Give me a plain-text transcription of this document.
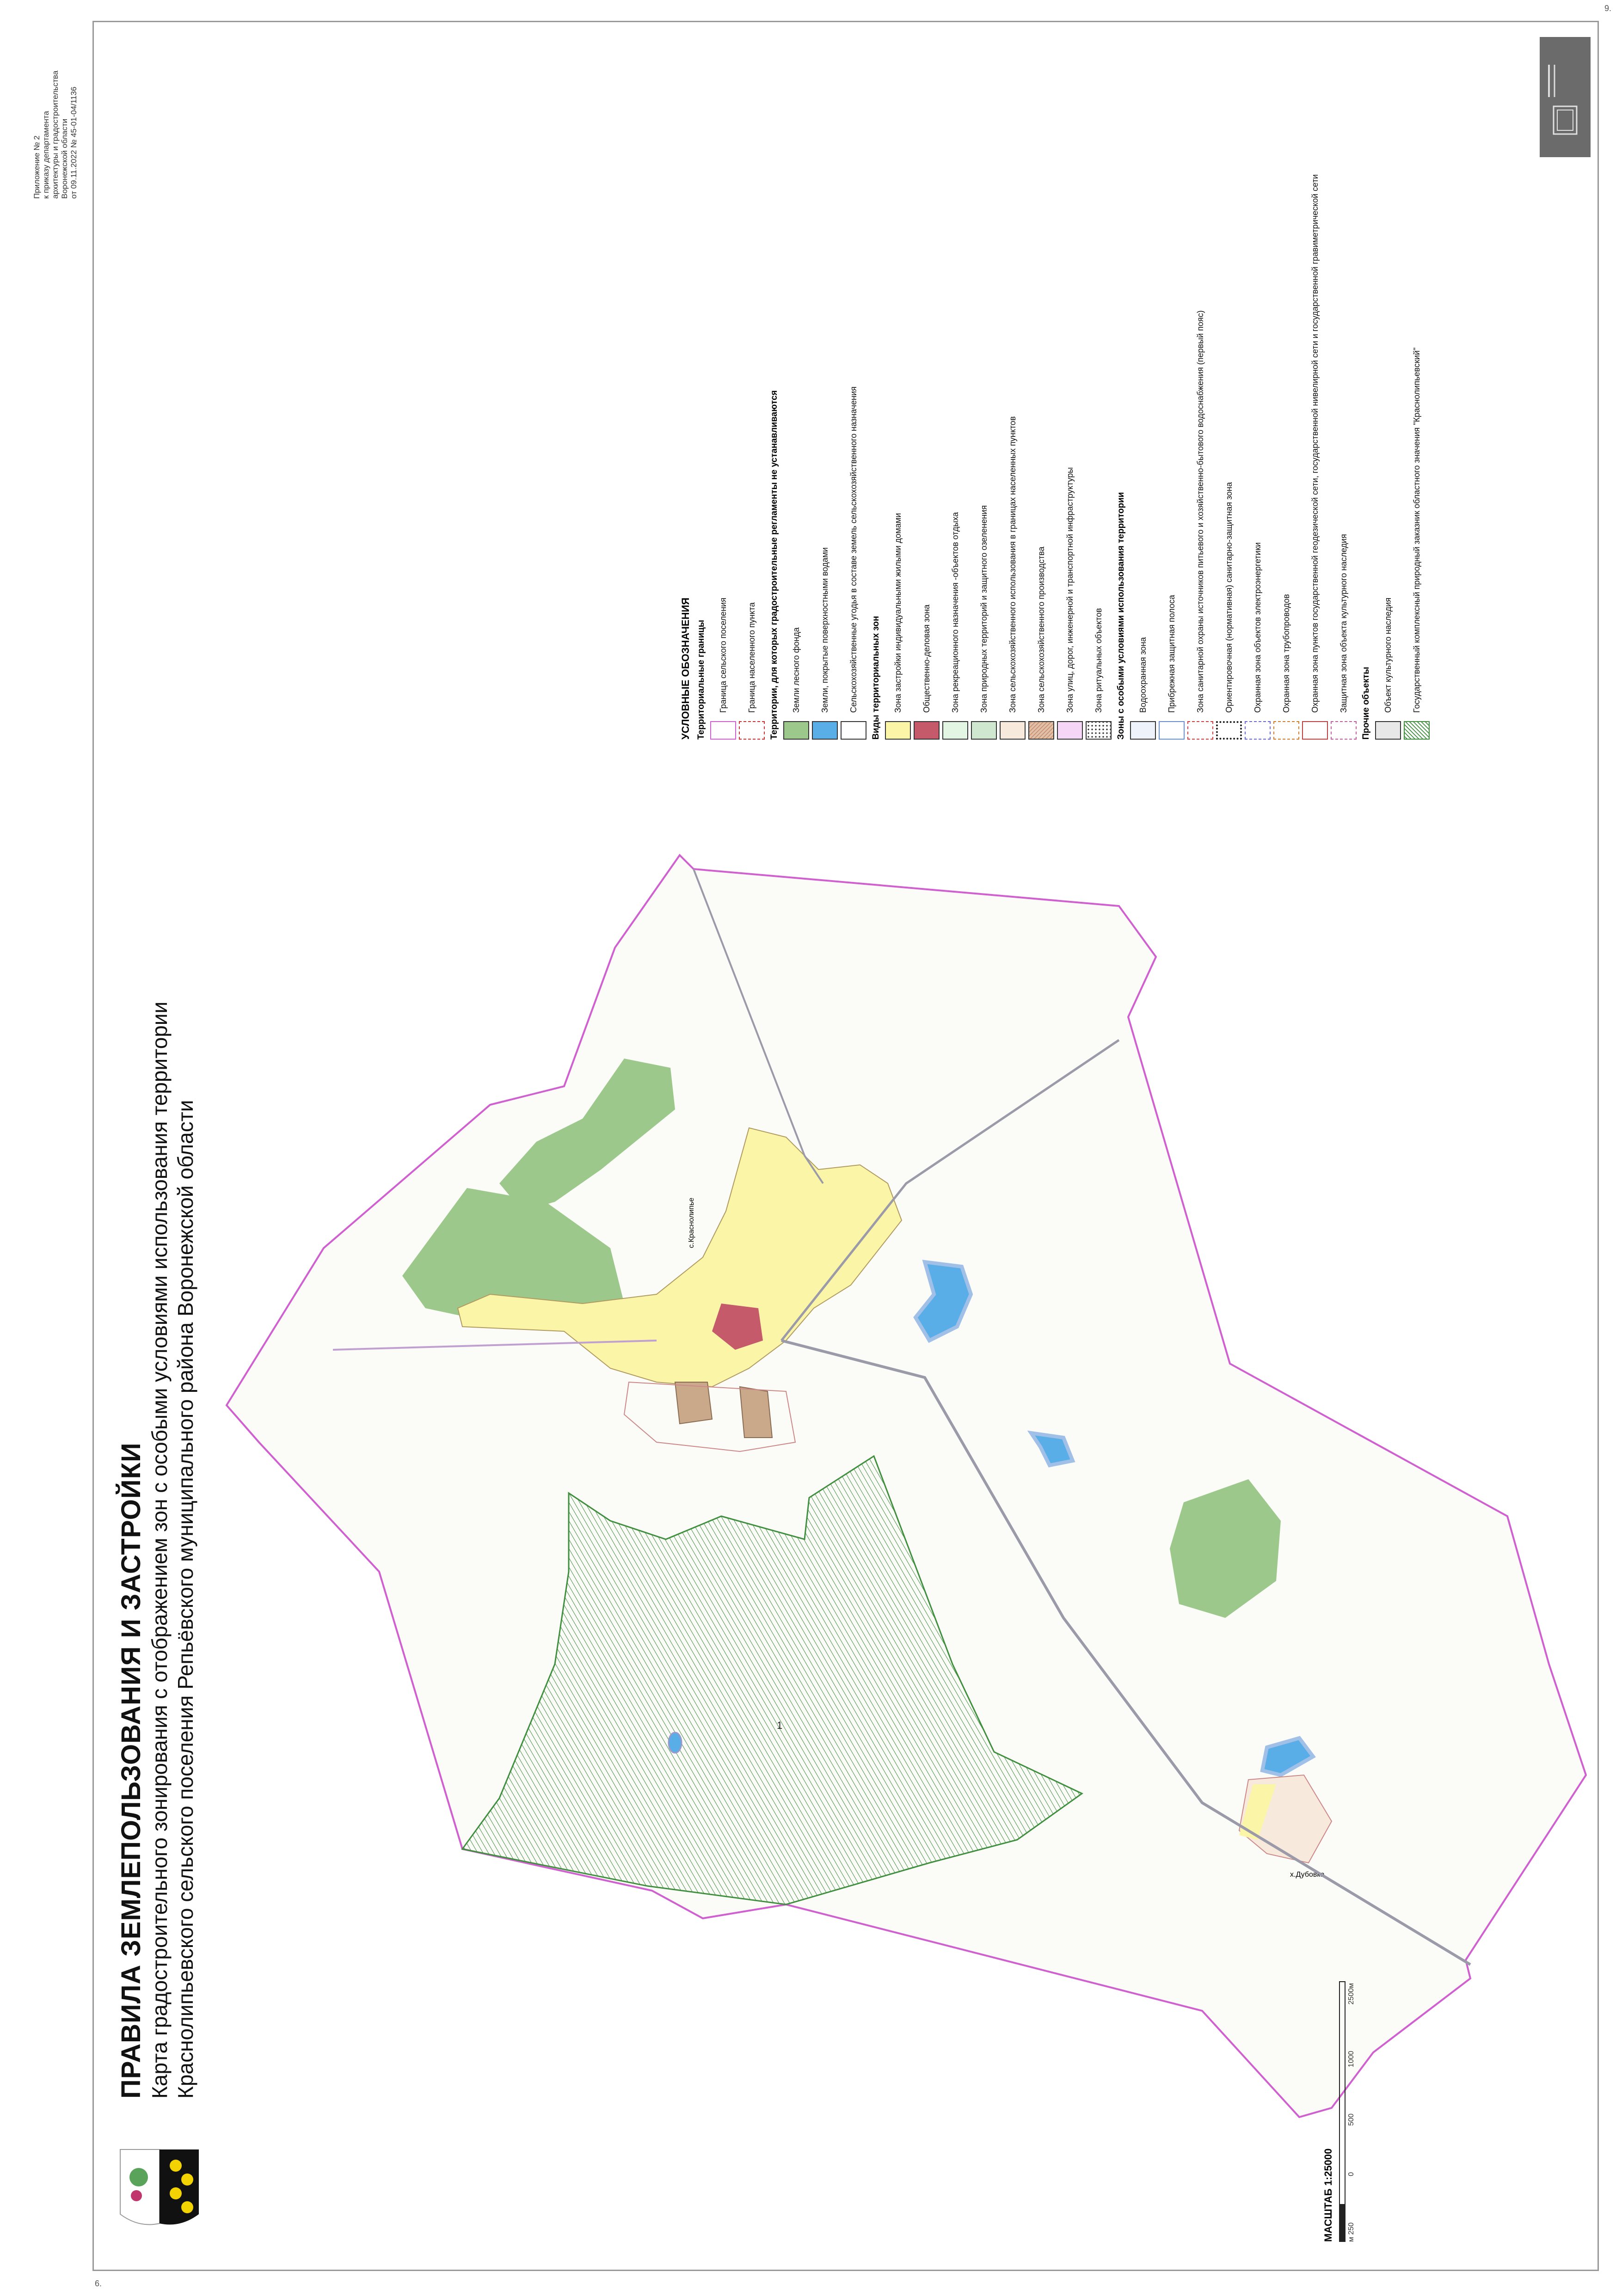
Приложение № 2 к приказу департамента архитектуры и градостроительства Воронежской области от 09.11.2022 № 45-01-04/1136
9.
6.
1
с.Краснолипье
х.Дубовка
ПРАВИЛА ЗЕМЛЕПОЛЬЗОВАНИЯ И ЗАСТРОЙКИ Карта градостроительного зонирования с отображением зон с особыми условиями использования территории Краснолипьевского сельского поселения Репьёвского муниципального района Воронежской области
МАСШТАБ 1:25000 м 250
0
500
1000
2500м
УСЛОВНЫЕ ОБОЗНАЧЕНИЯ Территориальные границы Граница сельского поселения Граница населенного пункта Территории, для которых градостроительные регламенты не устанавливаются Земли лесного фонда Земли, покрытые поверхностными водами Сельскохозяйственные угодья в составе земель сельскохозяйственного назначения Виды территориальных зон Зона застройки индивидуальными жилыми домами Общественно-деловая зона Зона рекреационного назначения -объектов отдыха Зона природных территорий и защитного озеленения Зона сельскохозяйственного использования в границах населенных пунктов Зона сельскохозяйственного производства Зона улиц, дорог, инженерной и транспортной инфраструктуры Зона ритуальных объектов Зоны с особыми условиями использования территории Водоохранная зона Прибрежная защитная полоса Зона санитарной охраны источников питьевого и хозяйственно-бытового водоснабжения (первый пояс) Ориентировочная (нормативная) санитарно-защитная зона Охранная зона объектов электроэнергетики Охранная зона трубопроводов Охранная зона пунктов государственной геодезической сети, государственной нивелирной сети и государственной гравиметрической сети Защитная зона объекта культурного наследия Прочие объекты Объект культурного наследия Государственный комплексный природный заказник областного значения "Краснолипьевский"
